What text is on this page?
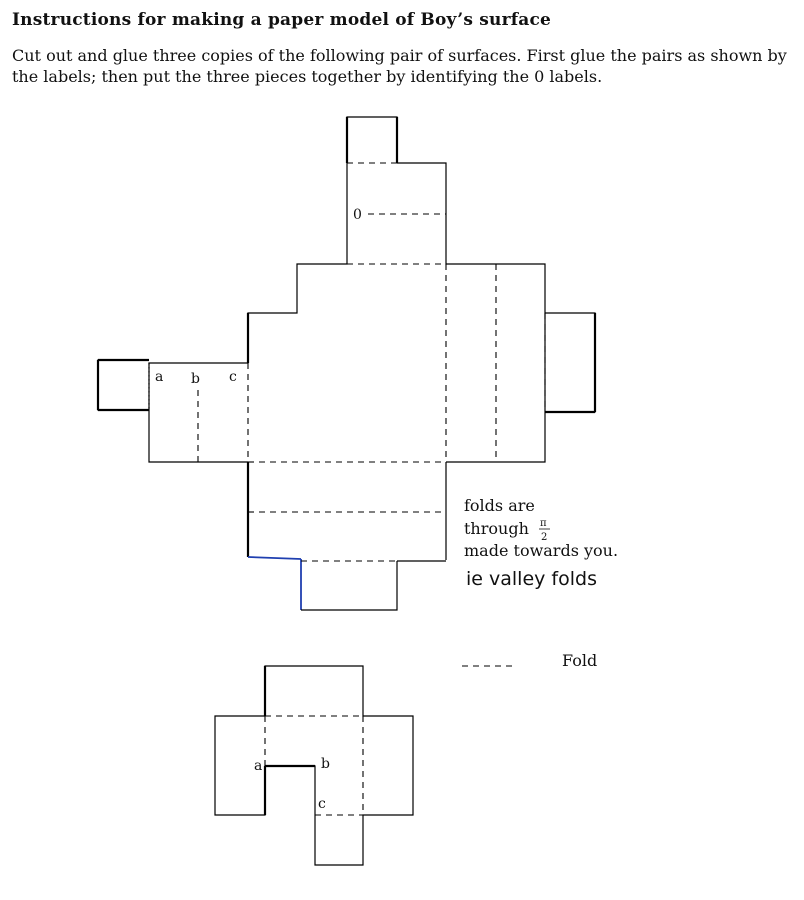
Instructions for making a paper model of Boy’s surface
Cut out and glue three copies of the following pair of surfaces. First glue the pairs as shown by the labels; then put the three pieces together by identifying the 0 labels.
0
a b c
folds are
through π
2
made towards you.
ie valley folds
Fold
a	b
c
